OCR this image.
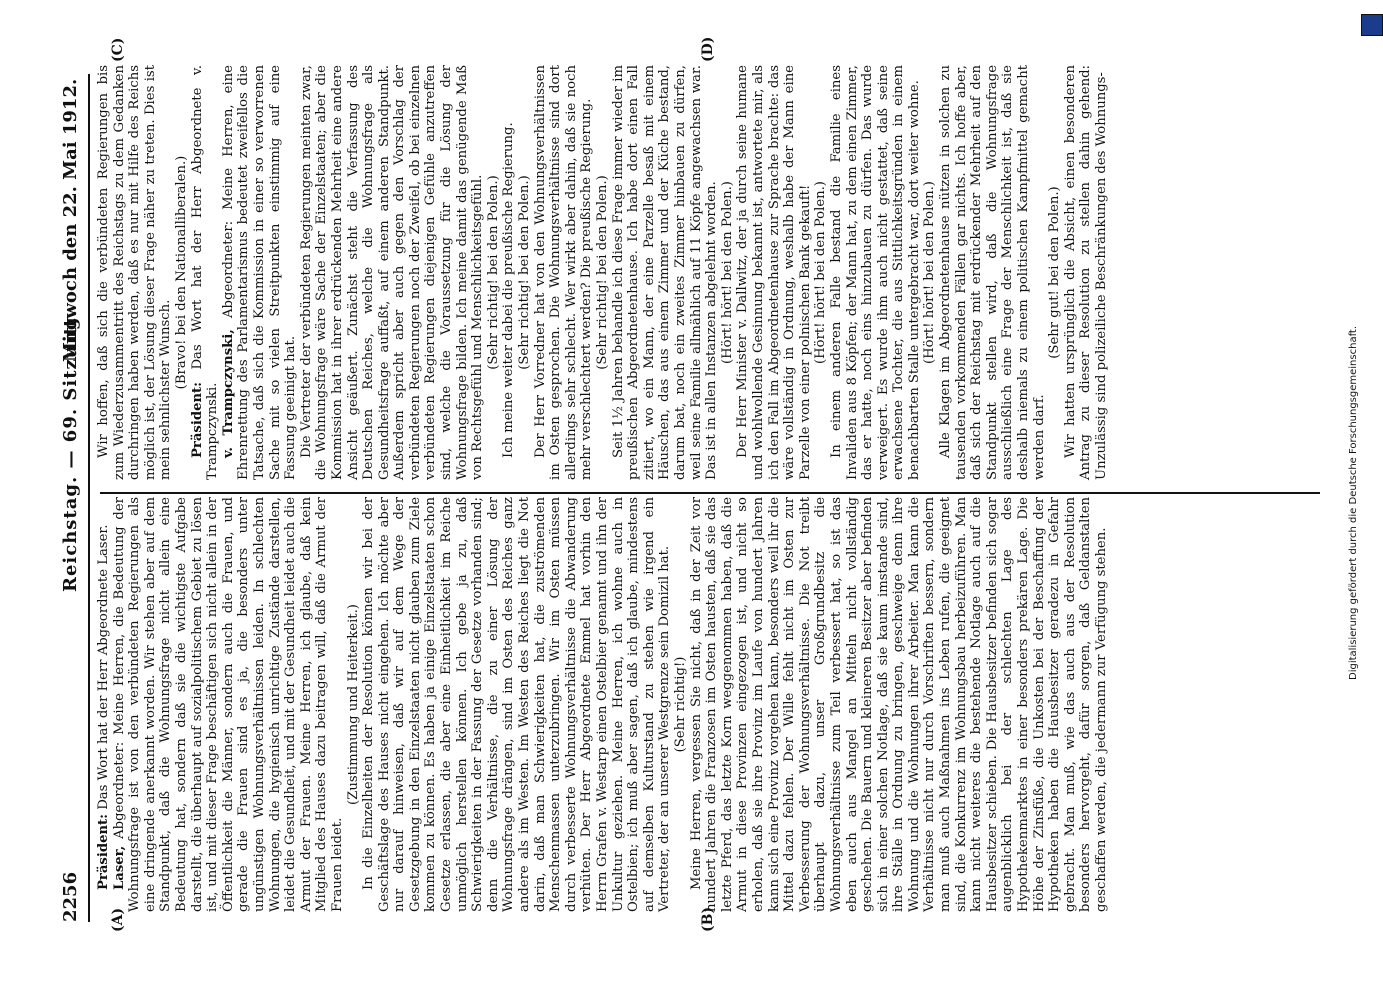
2256
Reichstag. — 69. Sitzung.
Mittwoch den 22. Mai 1912.
(A)	(B)
(C)	(D)

Präsident: Das Wort hat der Herr Abgeordnete Laser.

Laser, Abgeordneter: Meine Herren, die Bedeutung der Wohnungsfrage ist von den verbündeten Regierungen als eine dringende anerkannt worden. Wir stehen aber auf dem Standpunkt, daß die Wohnungsfrage nicht allein eine Bedeutung hat, sondern daß sie die wichtigste Aufgabe darstellt, die überhaupt auf sozialpolitischem Gebiet zu lösen ist, und mit dieser Frage beschäftigen sich nicht allein in der Öffentlichkeit die Männer, sondern auch die Frauen, und gerade die Frauen sind es ja, die besonders unter ungünstigen Wohnungsverhältnissen leiden. In schlechten Wohnungen, die hygienisch unrichtige Zustände darstellen, leidet die Gesundheit, und mit der Gesundheit leidet auch die Armut der Frauen. Meine Herren, ich glaube, daß kein Mitglied des Hauses dazu beitragen will, daß die Armut der Frauen leidet.

(Zustimmung und Heiterkeit.) In die Einzelheiten der Resolution können wir bei der Geschäftslage des Hauses nicht eingehen. Ich möchte aber nur darauf hinweisen, daß wir auf dem Wege der Gesetzgebung in den Einzelstaaten nicht glauben zum Ziele kommen zu können. Es haben ja einige Einzelstaaten schon Gesetze erlassen, die aber eine Einheitlichkeit im Reiche unmöglich herstellen können. Ich gebe ja zu, daß Schwierigkeiten in der Fassung der Gesetze vorhanden sind; denn die Verhältnisse, die zu einer Lösung der Wohnungsfrage drängen, sind im Osten des Reiches ganz andere als im Westen. Im Westen des Reiches liegt die Not darin, daß man Schwierigkeiten hat, die zuströmenden Menschenmassen unterzubringen. Wir im Osten müssen durch verbesserte Wohnungsverhältnisse die Abwanderung verhüten. Der Herr Abgeordnete Emmel hat vorhin den Herrn Grafen v. Westarp einen Ostelbier genannt und ihn der Unkultur geziehen. Meine Herren, ich wohne auch in Ostelbien; ich muß aber sagen, daß ich glaube, mindestens auf demselben Kulturstand zu stehen wie irgend ein Vertreter, der an unserer Westgrenze sein Domizil hat. (Sehr richtig!) Meine Herren, vergessen Sie nicht, daß in der Zeit vor hundert Jahren die Franzosen im Osten hausten, daß sie das letzte Pferd, das letzte Korn weggenommen haben, daß die Armut in diese Provinzen eingezogen ist, und nicht so erholen, daß sie ihre Provinz im Laufe von hundert Jahren kann sich eine Provinz vorgehen kann, besonders weil ihr die Mittel dazu fehlen. Der Wille fehlt nicht im Osten zur Verbesserung der Wohnungsverhältnisse. Die Not treibt überhaupt dazu, unser Großgrundbesitz die Wohnungsverhältnisse zum Teil verbessert hat, so ist das eben auch aus Mangel an Mitteln nicht vollständig geschehen. Die Bauern und kleineren Besitzer aber befinden sich in einer solchen Notlage, daß sie kaum imstande sind, ihre Ställe in Ordnung zu bringen, geschweige denn ihre Wohnung und die Wohnungen ihrer Arbeiter. Man kann die Verhältnisse nicht nur durch Vorschriften bessern, sondern man muß auch Maßnahmen ins Leben rufen, die geeignet sind, die Konkurrenz im Wohnungsbau herbeizuführen. Man kann nicht weiteres die bestehende Notlage auch auf die Hausbesitzer schieben. Die Hausbesitzer befinden sich sogar augenblicklich bei der schlechten Lage des Hypothekenmarktes in einer besonders prekären Lage. Die Höhe der Zinsfüße, die Unkosten bei der Beschaffung der Hypotheken haben die Hausbesitzer geradezu in Gefahr gebracht. Man muß, wie das auch aus der Resolution besonders hervorgeht, dafür sorgen, daß Geldanstalten geschaffen werden, die jedermann zur Verfügung stehen.

Wir hoffen, daß sich die verbündeten Regierungen bis zum Wiederzusammentritt des Reichstags zu dem Gedanken durchringen haben werden, daß es nur mit Hilfe des Reichs möglich ist, der Lösung dieser Frage näher zu treten. Dies ist mein sehnlichster Wunsch.

(Bravo! bei den Nationalliberalen.)

Präsident: Das Wort hat der Herr Abgeordnete v. Trampczynski. v. Trampczynski, Abgeordneter: Meine Herren, eine Ehrenrettung des Parlamentarismus bedeutet zweifellos die Tatsache, daß sich die Kommission in einer so verworrenen Sache mit so vielen Streitpunkten einstimmig auf eine Fassung geeinigt hat. Die Vertreter der verbündeten Regierungen meinten zwar, die Wohnungsfrage wäre Sache der Einzelstaaten; aber die Kommission hat in ihrer erdrückenden Mehrheit eine andere Ansicht geäußert. Zunächst steht die Verfassung des Deutschen Reiches, welche die Wohnungsfrage als Gesundheitsfrage auffaßt, auf einem anderen Standpunkt. Außerdem spricht aber auch gegen den Vorschlag der verbündeten Regierungen noch der Zweifel, ob bei einzelnen verbündeten Regierungen diejenigen Gefühle anzutreffen sind, welche die Voraussetzung für die Lösung der Wohnungsfrage bilden. Ich meine damit das genügende Maß von Rechtsgefühl und Menschlichkeitsgefühl. (Sehr richtig! bei den Polen.) Ich meine weiter dabei die preußische Regierung. (Sehr richtig! bei den Polen.) Der Herr Vorredner hat von den Wohnungsverhältnissen im Osten gesprochen. Die Wohnungsverhältnisse sind dort allerdings sehr schlecht. Wer wirkt aber dahin, daß sie noch mehr verschlechtert werden? Die preußische Regierung. (Sehr richtig! bei den Polen.) Seit 1½ Jahren behandle ich diese Frage immer wieder im preußischen Abgeordnetenhause. Ich habe dort einen Fall zitiert, wo ein Mann, der eine Parzelle besaß mit einem Häuschen, das aus einem Zimmer und der Küche bestand, darum bat, noch ein zweites Zimmer hinbauen zu dürfen, weil seine Familie allmählich auf 11 Köpfe angewachsen war. Das ist in allen Instanzen abgelehnt worden. (Hört! hört! bei den Polen.) Der Herr Minister v. Dallwitz, der ja durch seine humane und wohlwollende Gesinnung bekannt ist, antwortete mir, als ich den Fall im Abgeordnetenhause zur Sprache brachte: das wäre vollständig in Ordnung, weshalb habe der Mann eine Parzelle von einer polnischen Bank gekauft! (Hört! hört! bei den Polen.) In einem anderen Falle bestand die Familie eines Invaliden aus 8 Köpfen; der Mann hat, zu dem einen Zimmer, das er hatte, noch eins hinzubauen zu dürfen. Das wurde verweigert. Es wurde ihm auch nicht gestattet, daß seine erwachsene Tochter, die aus Sittlichkeitsgründen in einem benachbarten Stalle untergebracht war, dort weiter wohne. (Hört! hört! bei den Polen.) Alle Klagen im Abgeordnetenhause nützen in solchen zu tausenden vorkommenden Fällen gar nichts. Ich hoffe aber, daß sich der Reichstag mit erdrückender Mehrheit auf den Standpunkt stellen wird, daß die Wohnungsfrage ausschließlich eine Frage der Menschlichkeit ist, daß sie deshalb niemals zu einem politischen Kampfmittel gemacht werden darf.

(Sehr gut! bei den Polen.) Wir hatten ursprünglich die Absicht, einen besonderen Antrag zu dieser Resolution zu stellen dahin gehend: Unzulässig sind polizeiliche Beschränkungen des Wohnungs-

Digitalisierung gefördert durch die Deutsche Forschungsgemeinschaft.
